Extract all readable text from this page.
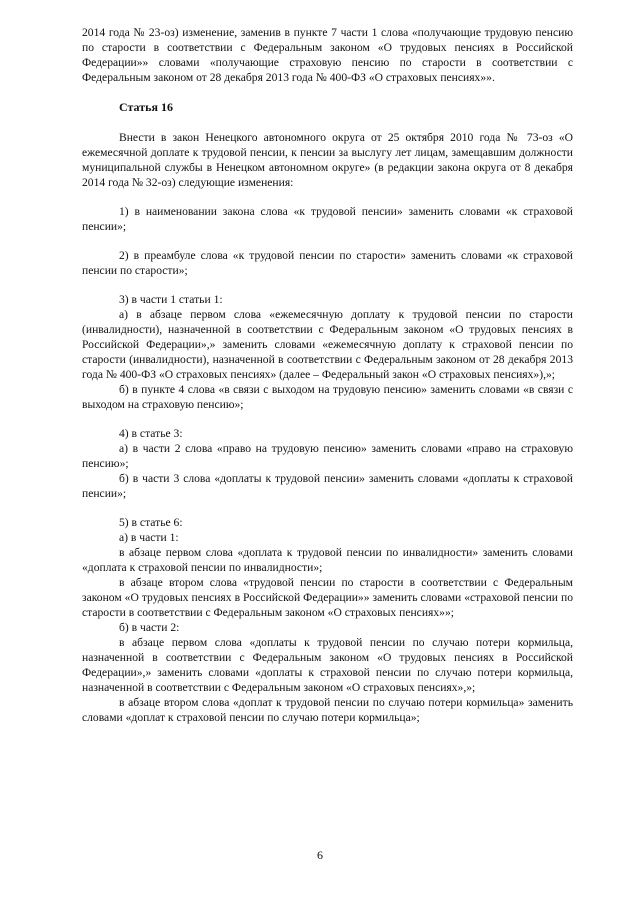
2014 года № 23-оз) изменение, заменив в пункте 7 части 1 слова «получающие трудовую пенсию по старости в соответствии с Федеральным законом «О трудовых пенсиях в Российской Федерации»» словами «получающие страховую пенсию по старости в соответствии с Федеральным законом от 28 декабря 2013 года № 400-ФЗ «О страховых пенсиях»».

Статья 16

Внести в закон Ненецкого автономного округа от 25 октября 2010 года № 73-оз «О ежемесячной доплате к трудовой пенсии, к пенсии за выслугу лет лицам, замещавшим должности муниципальной службы в Ненецком автономном округе» (в редакции закона округа от 8 декабря 2014 года № 32-оз) следующие изменения:

1) в наименовании закона слова «к трудовой пенсии» заменить словами «к страховой пенсии»;

2) в преамбуле слова «к трудовой пенсии по старости» заменить словами «к страховой пенсии по старости»;

3) в части 1 статьи 1:

а) в абзаце первом слова «ежемесячную доплату к трудовой пенсии по старости (инвалидности), назначенной в соответствии с Федеральным законом «О трудовых пенсиях в Российской Федерации»,» заменить словами «ежемесячную доплату к страховой пенсии по старости (инвалидности), назначенной в соответствии с Федеральным законом от 28 декабря 2013 года № 400-ФЗ «О страховых пенсиях» (далее – Федеральный закон «О страховых пенсиях»),»;

б) в пункте 4 слова «в связи с выходом на трудовую пенсию» заменить словами «в связи с выходом на страховую пенсию»;

4) в статье 3:

а) в части 2 слова «право на трудовую пенсию» заменить словами «право на страховую пенсию»;

б) в части 3 слова «доплаты к трудовой пенсии» заменить словами «доплаты к страховой пенсии»;

5) в статье 6:

а) в части 1:

в абзаце первом слова «доплата к трудовой пенсии по инвалидности» заменить словами «доплата к страховой пенсии по инвалидности»;

в абзаце втором слова «трудовой пенсии по старости в соответствии с Федеральным законом «О трудовых пенсиях в Российской Федерации»» заменить словами «страховой пенсии по старости в соответствии с Федеральным законом «О страховых пенсиях»»;

б) в части 2:

в абзаце первом слова «доплаты к трудовой пенсии по случаю потери кормильца, назначенной в соответствии с Федеральным законом «О трудовых пенсиях в Российской Федерации»,» заменить словами «доплаты к страховой пенсии по случаю потери кормильца, назначенной в соответствии с Федеральным законом «О страховых пенсиях»,»;

в абзаце втором слова «доплат к трудовой пенсии по случаю потери кормильца» заменить словами «доплат к страховой пенсии по случаю потери кормильца»;

6
